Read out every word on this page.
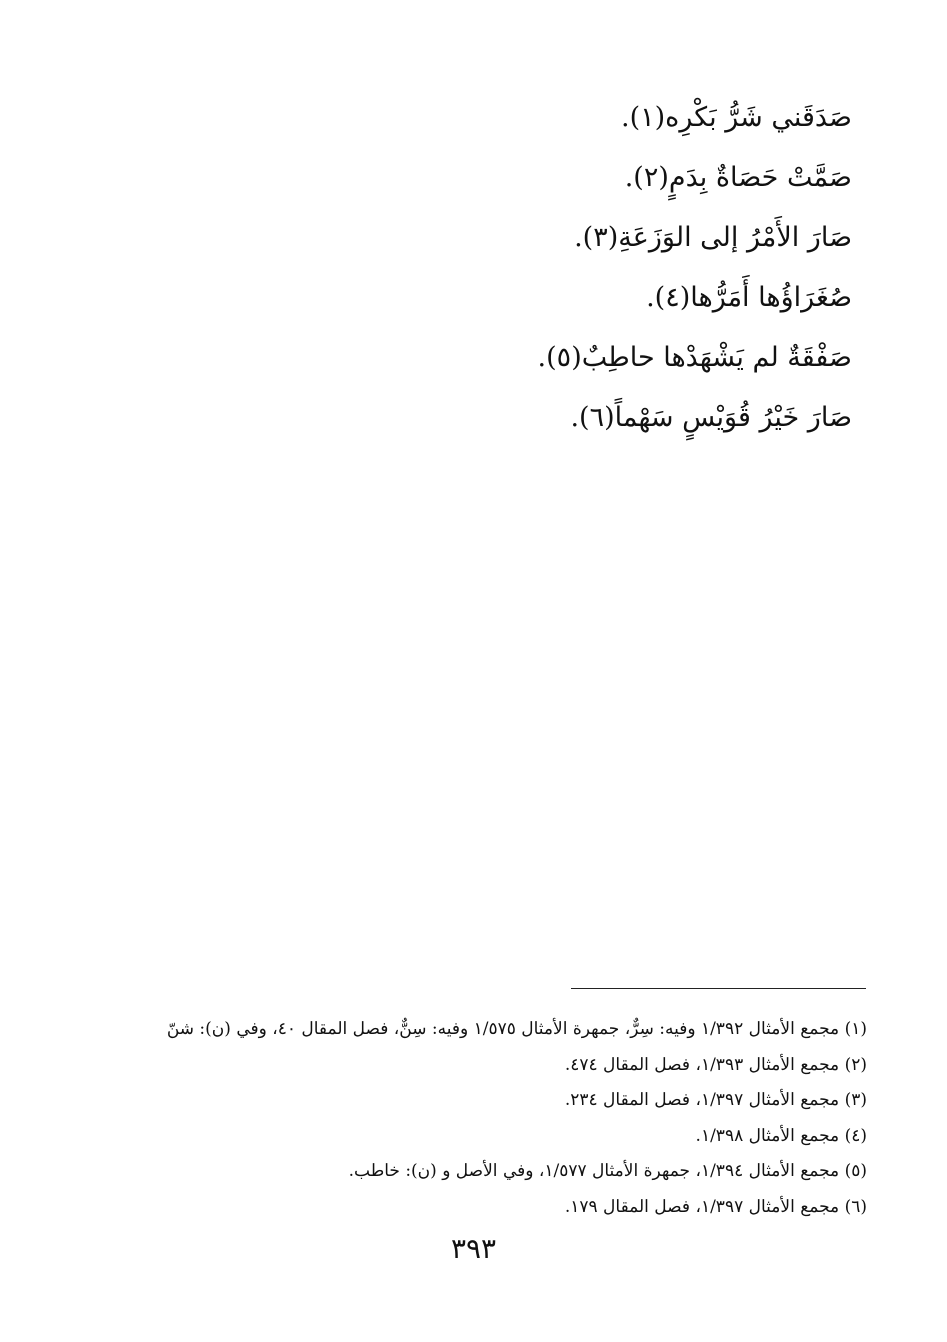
صَدَقَني شَرُّ بَكْرِه(١).
صَمَّتْ حَصَاةٌ بِدَمٍ(٢).
صَارَ الأَمْرُ إلى الوَزَعَةِ(٣).
صُغَرَاؤُها أَمَرُّها(٤).
صَفْقَةٌ لم يَشْهَدْها حاطِبٌ(٥).
صَارَ خَيْرُ قُوَيْسٍ سَهْماً(٦).
(١) مجمع الأمثال ١/٣٩٢ وفيه: سِرٌّ، جمهرة الأمثال ١/٥٧٥ وفيه: سِنٌّ، فصل المقال ٤٠، وفي (ن): شنّ
(٢) مجمع الأمثال ١/٣٩٣، فصل المقال ٤٧٤.
(٣) مجمع الأمثال ١/٣٩٧، فصل المقال ٢٣٤.
(٤) مجمع الأمثال ١/٣٩٨.
(٥) مجمع الأمثال ١/٣٩٤، جمهرة الأمثال ١/٥٧٧، وفي الأصل و (ن): خاطب.
(٦) مجمع الأمثال ١/٣٩٧، فصل المقال ١٧٩.
٣٩٣
